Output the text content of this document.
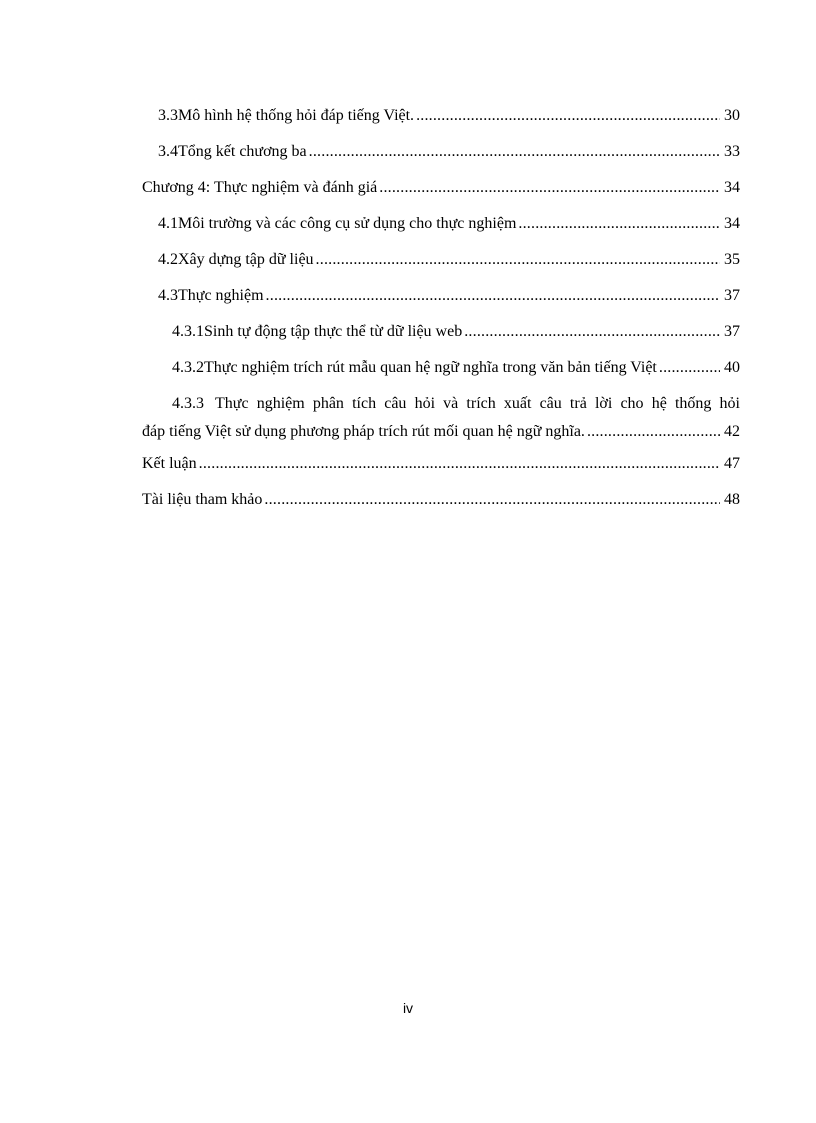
3.3 Mô hình hệ thống hỏi đáp tiếng Việt. .....	30
3.4 Tổng kết chương ba .....	33
Chương 4: Thực nghiệm và đánh giá .....	34
4.1 Môi trường và các công cụ sử dụng cho thực nghiệm .....	34
4.2 Xây dựng tập dữ liệu .....	35
4.3 Thực nghiệm .....	37
4.3.1 Sinh tự động tập thực thể từ dữ liệu web .....	37
4.3.2 Thực nghiệm trích rút mẫu quan hệ ngữ nghĩa trong văn bản tiếng Việt .....	40
4.3.3 Thực nghiệm phân tích câu hỏi và trích xuất câu trả lời cho hệ thống hỏi
đáp tiếng Việt sử dụng phương pháp trích rút mối quan hệ ngữ nghĩa. .....	42
Kết luận .....	47
Tài liệu tham khảo .....	48
iv
